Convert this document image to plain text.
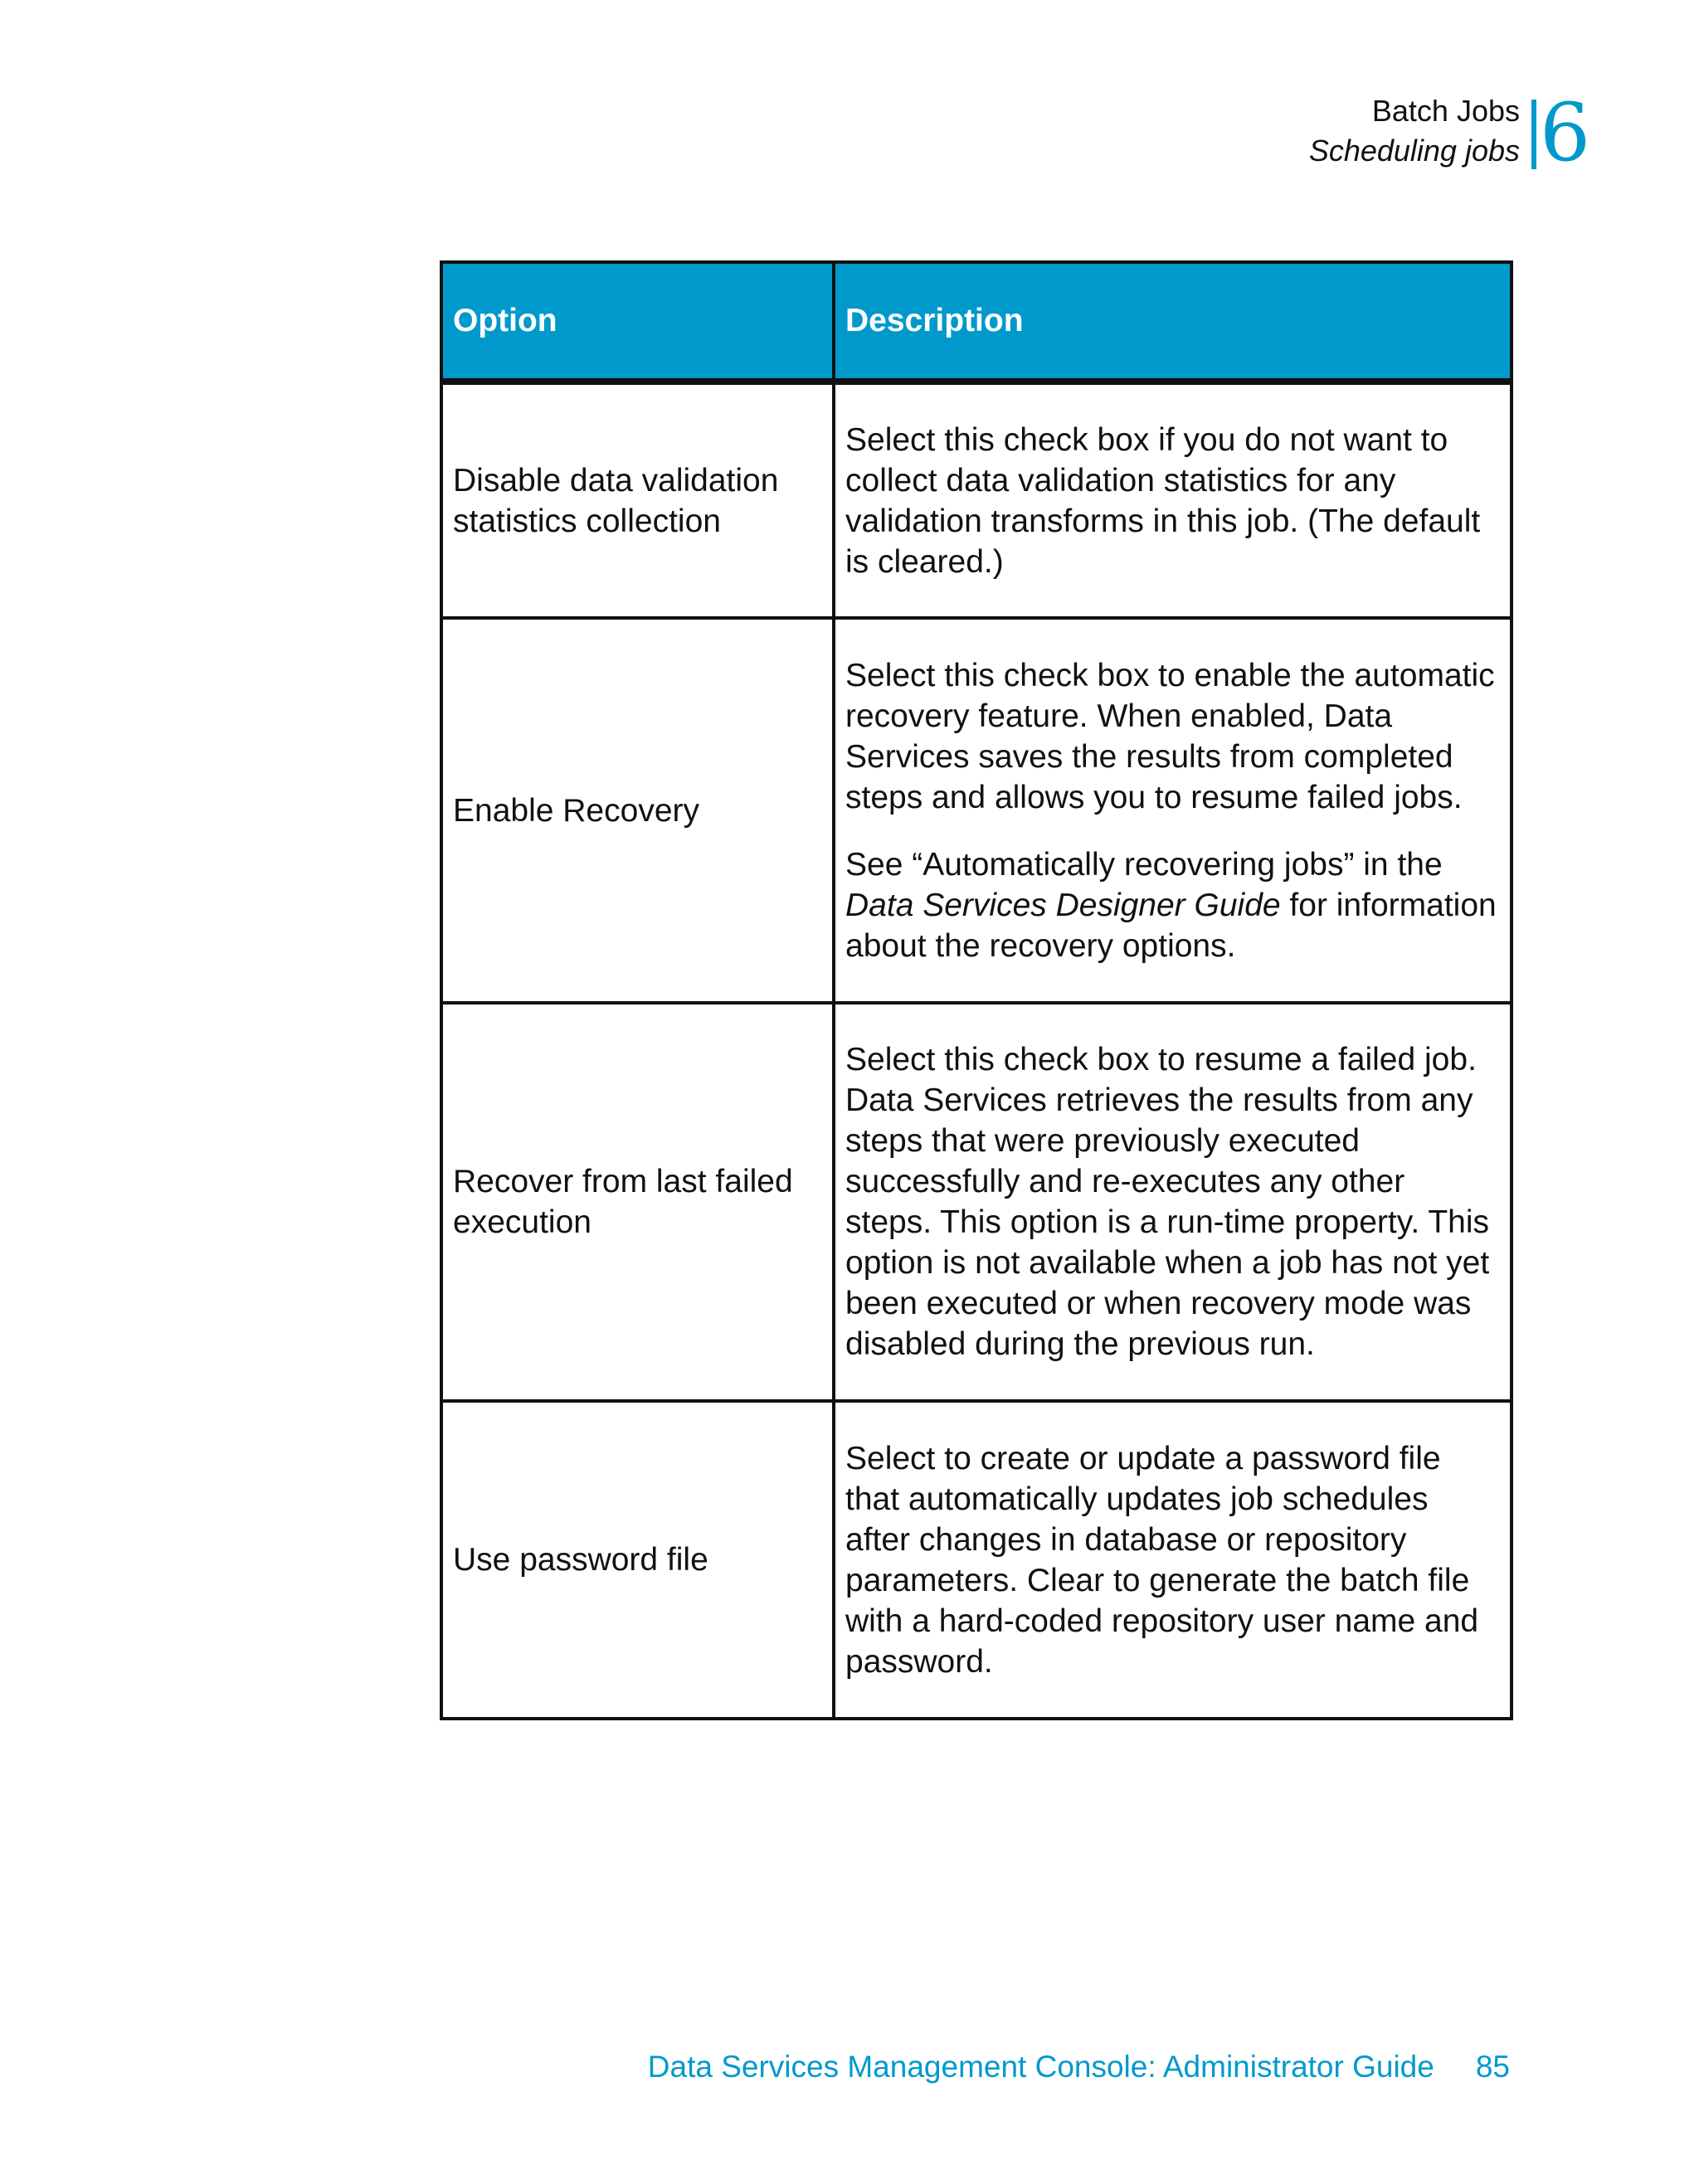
Batch Jobs
Scheduling jobs 6
Option	Description
Disable data validation statistics collection	Select this check box if you do not want to collect data validation statistics for any validation transforms in this job. (The default is cleared.)
Enable Recovery	Select this check box to enable the automatic recovery feature. When enabled, Data Services saves the results from completed steps and allows you to resume failed jobs.

See “Automatically recovering jobs” in the Data Services Designer Guide for information about the recovery options.

Recover from last failed execution	Select this check box to resume a failed job. Data Services retrieves the results from any steps that were previously executed successfully and re-executes any other steps. This option is a run-time property. This option is not available when a job has not yet been executed or when recovery mode was disabled during the previous run.
Use password file	Select to create or update a password file that automatically updates job schedules after changes in database or repository parameters. Clear to generate the batch file with a hard-coded repository user name and password.
Data Services Management Console: Administrator Guide 85
